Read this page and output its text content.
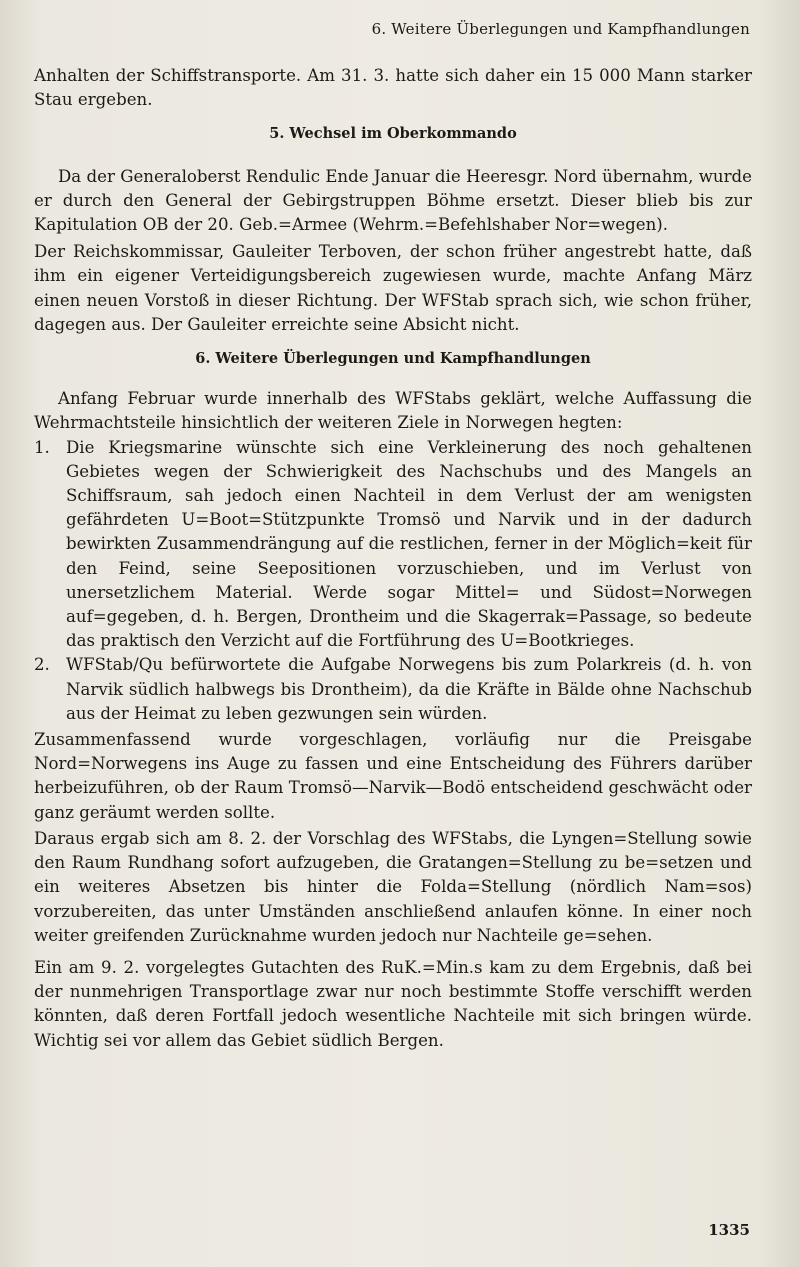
6. Weitere Überlegungen und Kampfhandlungen

Anhalten der Schiffstransporte. Am 31. 3. hatte sich daher ein 15 000 Mann starker Stau ergeben.

5. Wechsel im Oberkommando

Da der Generaloberst Rendulic Ende Januar die Heeresgr. Nord übernahm, wurde er durch den General der Gebirgstruppen Böhme ersetzt. Dieser blieb bis zur Kapitulation OB der 20. Geb.=Armee (Wehrm.=Befehlshaber Nor=wegen).

Der Reichskommissar, Gauleiter Terboven, der schon früher angestrebt hatte, daß ihm ein eigener Verteidigungsbereich zugewiesen wurde, machte Anfang März einen neuen Vorstoß in dieser Richtung. Der WFStab sprach sich, wie schon früher, dagegen aus. Der Gauleiter erreichte seine Absicht nicht.

6. Weitere Überlegungen und Kampfhandlungen

Anfang Februar wurde innerhalb des WFStabs geklärt, welche Auffassung die Wehrmachtsteile hinsichtlich der weiteren Ziele in Norwegen hegten:

1. Die Kriegsmarine wünschte sich eine Verkleinerung des noch gehaltenen Gebietes wegen der Schwierigkeit des Nachschubs und des Mangels an Schiffsraum, sah jedoch einen Nachteil in dem Verlust der am wenigsten gefährdeten U=Boot=Stützpunkte Tromsö und Narvik und in der dadurch bewirkten Zusammendrängung auf die restlichen, ferner in der Möglich=keit für den Feind, seine Seepositionen vorzuschieben, und im Verlust von unersetzlichem Material. Werde sogar Mittel= und Südost=Norwegen auf=gegeben, d. h. Bergen, Drontheim und die Skagerrak=Passage, so bedeute das praktisch den Verzicht auf die Fortführung des U=Bootkrieges.
2. WFStab/Qu befürwortete die Aufgabe Norwegens bis zum Polarkreis (d. h. von Narvik südlich halbwegs bis Drontheim), da die Kräfte in Bälde ohne Nachschub aus der Heimat zu leben gezwungen sein würden.

Zusammenfassend wurde vorgeschlagen, vorläufig nur die Preisgabe Nord=Norwegens ins Auge zu fassen und eine Entscheidung des Führers darüber herbeizuführen, ob der Raum Tromsö—Narvik—Bodö entscheidend geschwächt oder ganz geräumt werden sollte.

Daraus ergab sich am 8. 2. der Vorschlag des WFStabs, die Lyngen=Stellung sowie den Raum Rundhang sofort aufzugeben, die Gratangen=Stellung zu be=setzen und ein weiteres Absetzen bis hinter die Folda=Stellung (nördlich Nam=sos) vorzubereiten, das unter Umständen anschließend anlaufen könne. In einer noch weiter greifenden Zurücknahme wurden jedoch nur Nachteile ge=sehen.

Ein am 9. 2. vorgelegtes Gutachten des RuK.=Min.s kam zu dem Ergebnis, daß bei der nunmehrigen Transportlage zwar nur noch bestimmte Stoffe verschifft werden könnten, daß deren Fortfall jedoch wesentliche Nachteile mit sich bringen würde. Wichtig sei vor allem das Gebiet südlich Bergen.

1335
